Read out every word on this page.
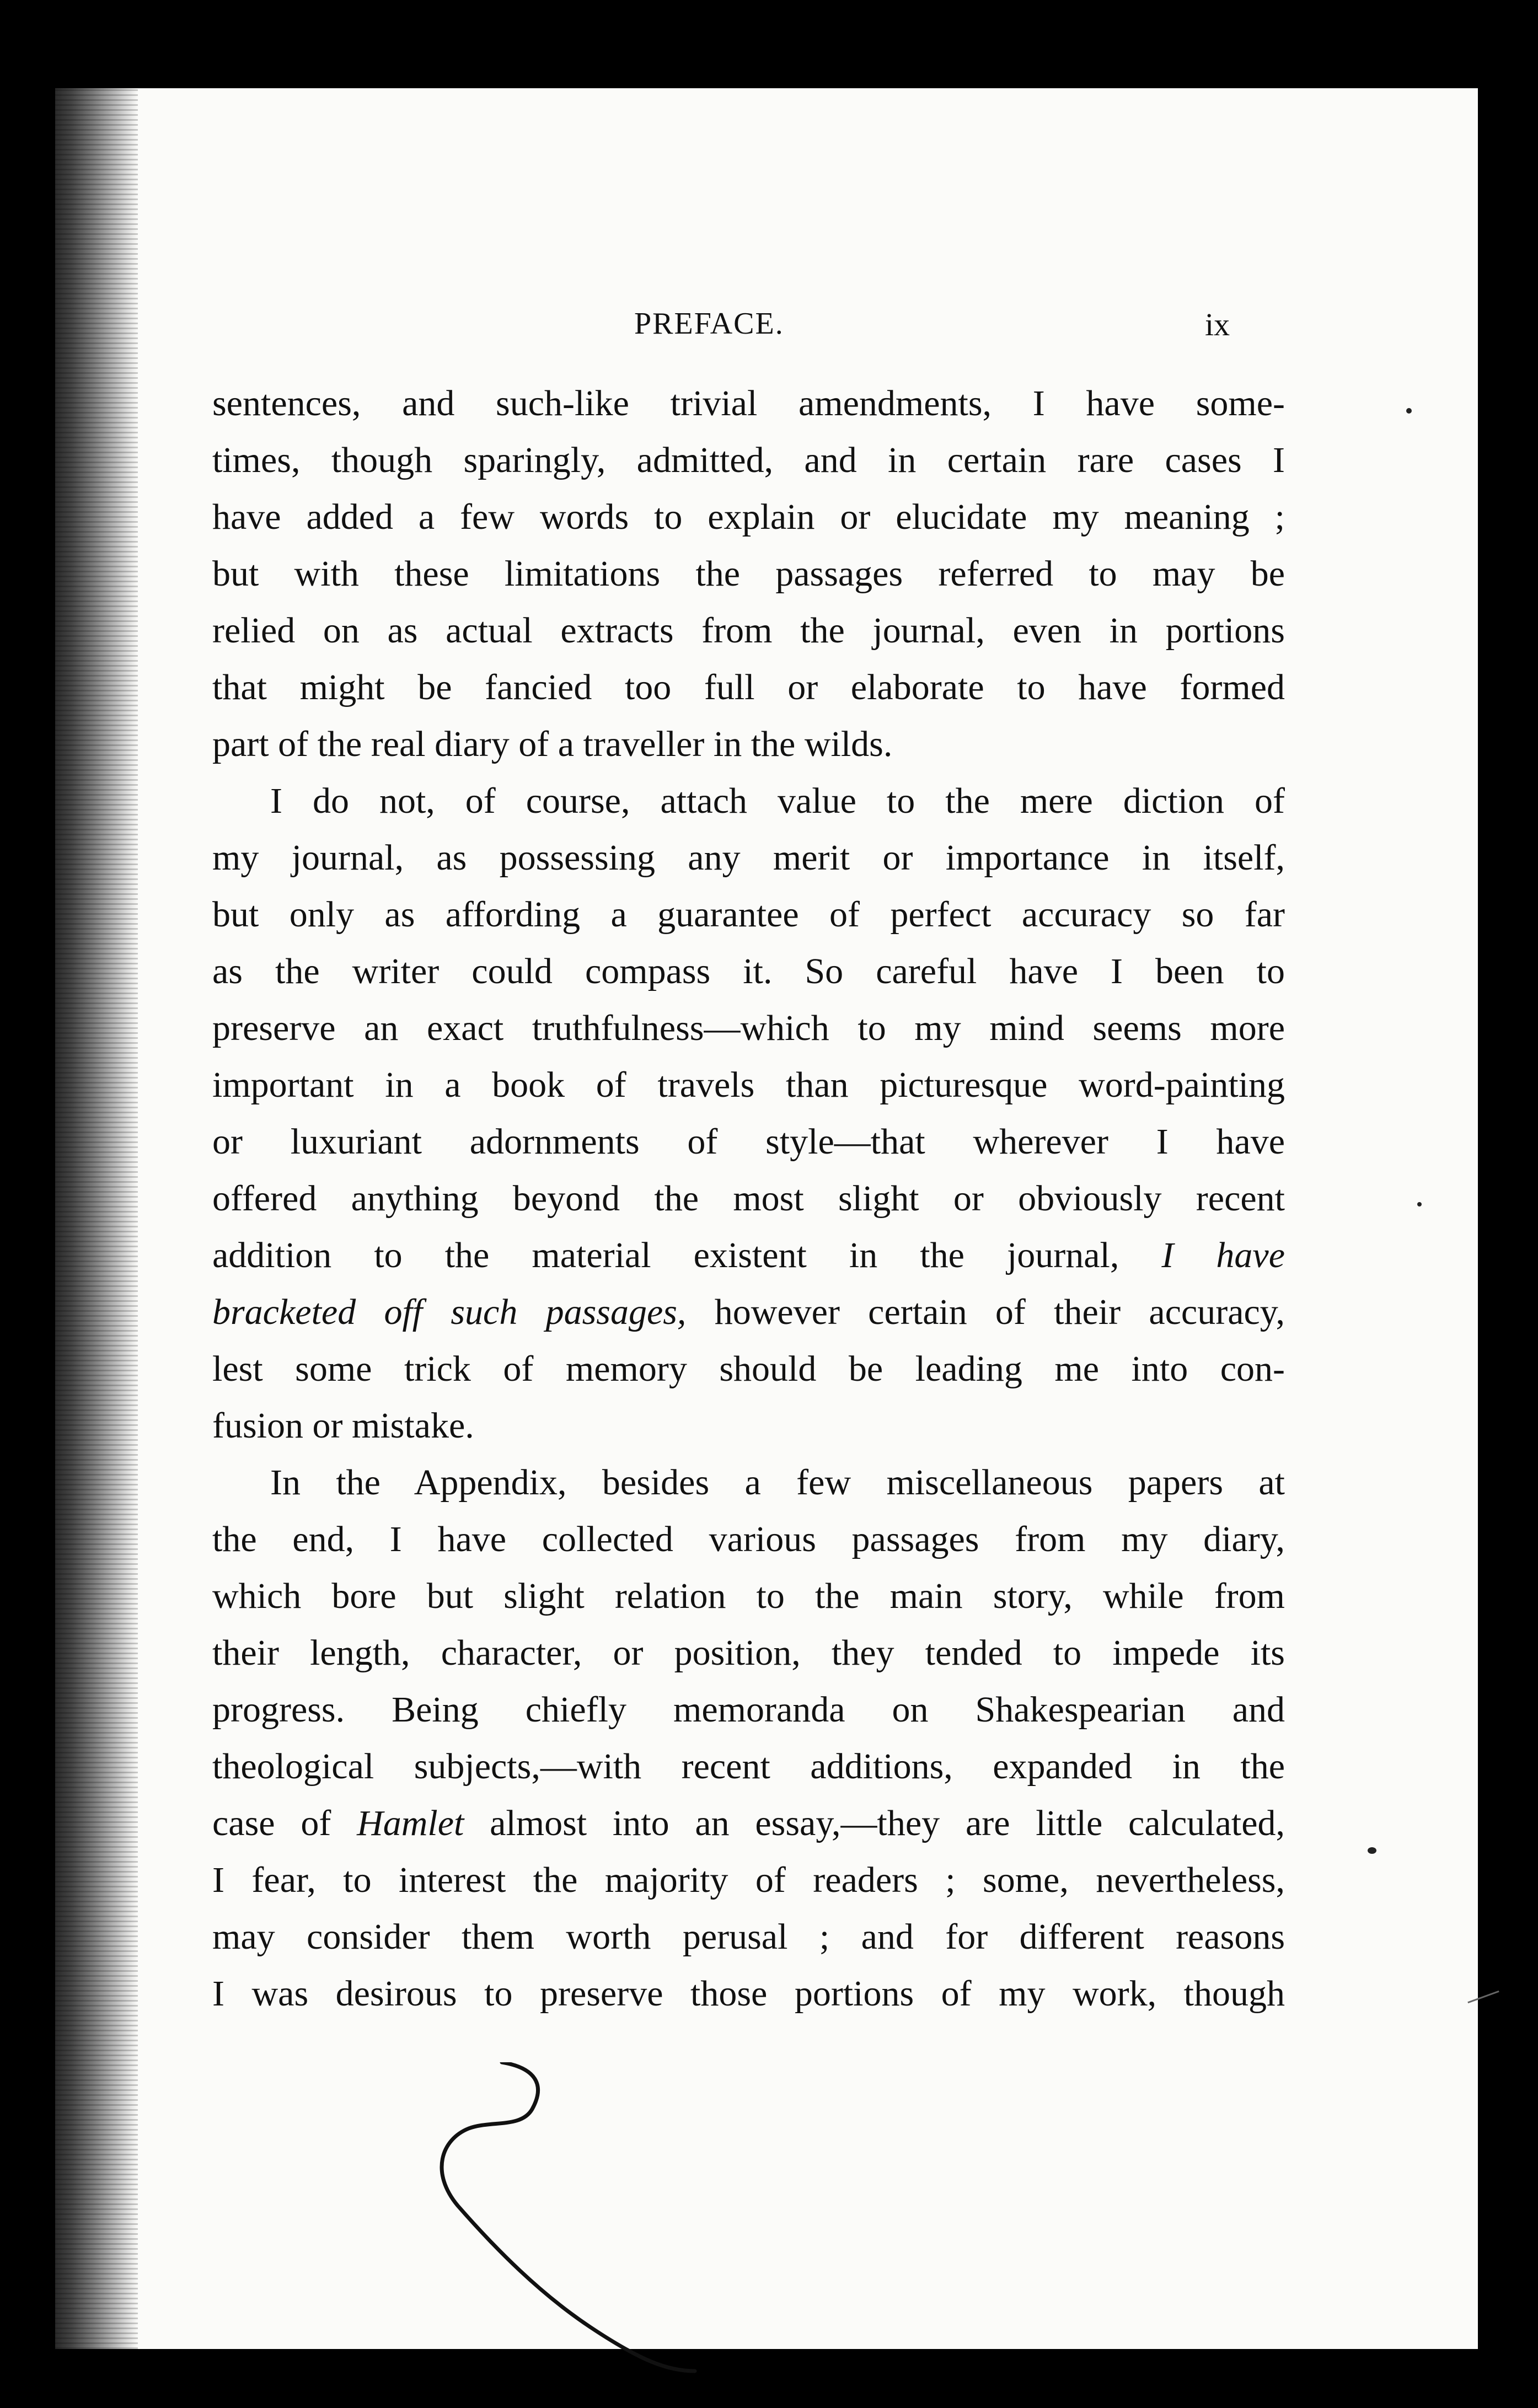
PREFACE.	ix
sentences, and such-like trivial amendments, I have some-
times, though sparingly, admitted, and in certain rare cases I
have added a few words to explain or elucidate my meaning ;
but with these limitations the passages referred to may be
relied on as actual extracts from the journal, even in portions
that might be fancied too full or elaborate to have formed
part of the real diary of a traveller in the wilds.
I do not, of course, attach value to the mere diction of
my journal, as possessing any merit or importance in itself,
but only as affording a guarantee of perfect accuracy so far
as the writer could compass it. So careful have I been to
preserve an exact truthfulness—which to my mind seems more
important in a book of travels than picturesque word-painting
or luxuriant adornments of style—that wherever I have
offered anything beyond the most slight or obviously recent
addition to the material existent in the journal, I have
bracketed off such passages, however certain of their accuracy,
lest some trick of memory should be leading me into con-
fusion or mistake.
In the Appendix, besides a few miscellaneous papers at
the end, I have collected various passages from my diary,
which bore but slight relation to the main story, while from
their length, character, or position, they tended to impede its
progress. Being chiefly memoranda on Shakespearian and
theological subjects,—with recent additions, expanded in the
case of Hamlet almost into an essay,—they are little calculated,
I fear, to interest the majority of readers ; some, nevertheless,
may consider them worth perusal ; and for different reasons
I was desirous to preserve those portions of my work, though
